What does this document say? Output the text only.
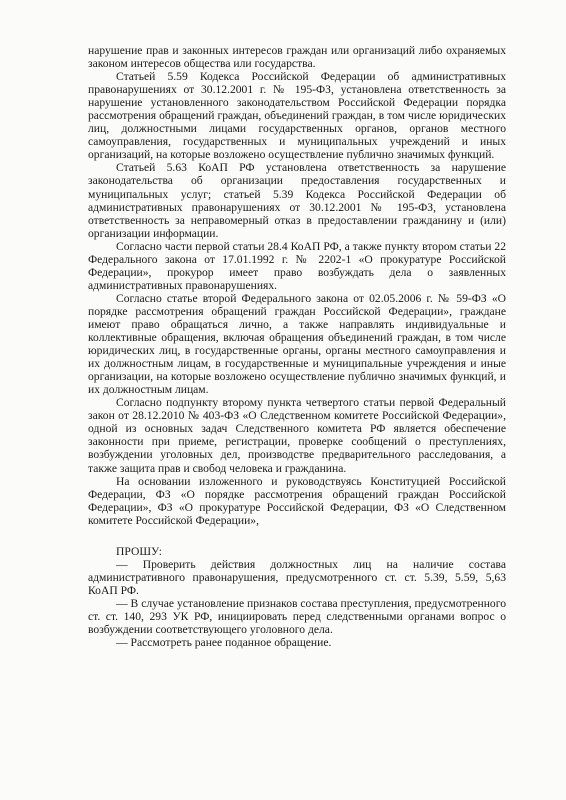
нарушение прав и законных интересов граждан или организаций либо охраняемых законом интересов общества или государства.

Статьей 5.59 Кодекса Российской Федерации об административных правонарушениях от 30.12.2001 г. № 195-ФЗ, установлена ответственность за нарушение установленного законодательством Российской Федерации порядка рассмотрения обращений граждан, объединений граждан, в том числе юридических лиц, должностными лицами государственных органов, органов местного самоуправления, государственных и муниципальных учреждений и иных организаций, на которые возложено осуществление публично значимых функций.

Статьей 5.63 КоАП РФ установлена ответственность за нарушение законодательства об организации предоставления государственных и муниципальных услуг; статьей 5.39 Кодекса Российской Федерации об административных правонарушениях от 30.12.2001 № 195-ФЗ, установлена ответственность за неправомерный отказ в предоставлении гражданину и (или) организации информации.

Согласно части первой статьи 28.4 КоАП РФ, а также пункту втором статьи 22 Федерального закона от 17.01.1992 г. № 2202-1 «О прокуратуре Российской Федерации», прокурор имеет право возбуждать дела о заявленных административных правонарушениях.

Согласно статье второй Федерального закона от 02.05.2006 г. № 59-ФЗ «О порядке рассмотрения обращений граждан Российской Федерации», граждане имеют право обращаться лично, а также направлять индивидуальные и коллективные обращения, включая обращения объединений граждан, в том числе юридических лиц, в государственные органы, органы местного самоуправления и их должностным лицам, в государственные и муниципальные учреждения и иные организации, на которые возложено осуществление публично значимых функций, и их должностным лицам.

Согласно подпункту второму пункта четвертого статьи первой Федеральный закон от 28.12.2010 № 403-ФЗ «О Следственном комитете Российской Федерации», одной из основных задач Следственного комитета РФ является обеспечение законности при приеме, регистрации, проверке сообщений о преступлениях, возбуждении уголовных дел, производстве предварительного расследования, а также защита прав и свобод человека и гражданина.

На основании изложенного и руководствуясь Конституцией Российской Федерации, ФЗ «О порядке рассмотрения обращений граждан Российской Федерации», ФЗ «О прокуратуре Российской Федерации, ФЗ «О Следственном комитете Российской Федерации»,

ПРОШУ:

— Проверить действия должностных лиц на наличие состава административного правонарушения, предусмотренного ст. ст. 5.39, 5.59, 5,63 КоАП РФ.

— В случае установление признаков состава преступления, предусмотренного ст. ст. 140, 293 УК РФ, инициировать перед следственными органами вопрос о возбуждении соответствующего уголовного дела.

— Рассмотреть ранее поданное обращение.
